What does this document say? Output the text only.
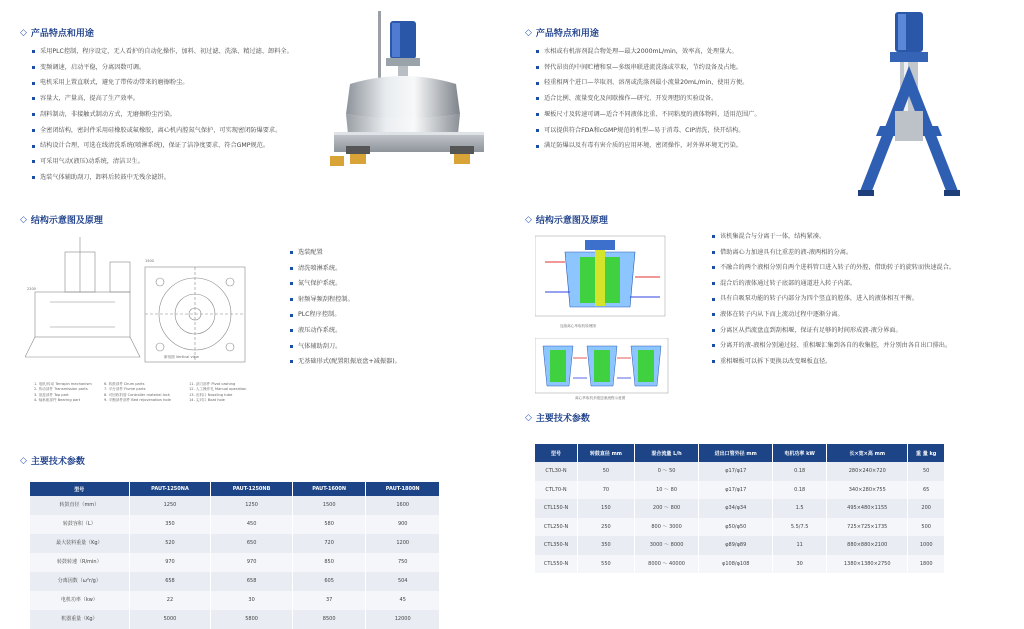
◇ 产品特点和用途
采用PLC控制，程序设定，无人看护的自动化操作，加料、初过滤、洗涤、精过滤、卸料全。
变频调速，启动平稳，分离因数可调。
电机采用上置直联式，避免了带传动带来的磨擦粉尘。
容量大，产量高，提高了生产效率。
刮料制动，非接触式制动方式，无磨擦粉尘污染。
全密闭结构，密封件采用硅橡胶或氟橡胶，离心机内腔氮气保护，可实现密闭防爆要求。
结构设计合理，可选在线清洗系统(喷淋系统)，保证了洁净度要求，符合GMP规范。
可采用气动(液压)动系统，清洁卫生。
选装气体辅助刮刀，卸料后转鼓中无残余滤饼。
◇ 结构示意图及原理
1500
2200
俯视图 Vertical view
1. 电机/传动 Terrapin mechanism	6. 转鼓部件 Drum parts	11. 刮刀部件 Pivot cashing
2. 传动部件 Transmission parts	7. 平台部件 Flume parts	12. 人工操作孔 Manual operation
3. 顶盖部件 Top part	8. 可回收料管 Controller material lock	13. 出料口 Nozzling tube
4. 轴承座部件 Bearing part	9. 平衡部件部件 Bed rejuvenation hole	14. 尖对口 Boat hole
选装配置
清洗喷淋系统。
氮气保护系统。
射频导频刮程控制。
PLC程序控制。
液压动作系统。
气体辅助刮刀。
无基础形式(配置阻振底盘+减振器)。
◇ 主要技术参数
型号	PAUT-1250NA	PAUT-1250NB	PAUT-1600N	PAUT-1800N
转鼓直径（mm）	1250	1250	1500	1600
转鼓容积（L）	350	450	580	900
最大装料重量（Kg）	520	650	720	1200
转鼓转速（R/min）	970	970	850	750
分离因数（ω²r/g）	658	658	605	504
电机功率（kw）	22	30	37	45
机器重量（Kg）	5000	5800	8500	12000
◇ 产品特点和用途
水相或有机溶剂混合物处理—最大2000mL/min，效率高，处理量大。
替代昂贵的中间贮槽和泵—多级串联进流洗涤或萃取，节约设备及占地。
轻重相两个进口—萃取剂、溶剂或洗涤剂最小流量20mL/min，使用方便。
适合比例、流量变化及间歇操作—研究、开发理想的实验设备。
堰板尺寸及转速可调—适合不同液体比重、不同粘度的液体物料，适用范围广。
可以提供符合FDA和cGMP规范的机型—易于消毒、CIP清洗，快开结构。
满足防爆以及有毒有害介质的应用环境，密闭操作，对外界环境无污染。
◇ 结构示意图及原理
连续离心萃取机原理图
离心萃取机多级逆流流程示意图
该机集混合与分离于一体，结构紧凑。
借助离心力加速具有比重差的液-液两相的分离。
不融合的两个液相分别自两个进料管口进入转子的外腔，借助转子的旋转而快速混合。
混合后的液体通过转子底部的通道进入转子内部。
具有自吸泵功能的转子内部分为四个竖直的腔体，进入的液体相互平衡。
液体在转子内从下而上流动过程中逐渐分离。
分离区从挡流盘直到刮相堰，保证有足够的时间形成液-液分界面。
分离开的液-液相分别通过轻、重相堰汇集到各自的收集腔，并分别由各自出口排出。
重相堰板可以拆下更换以改变堰板直径。
◇ 主要技术参数
型号	转鼓直径 mm	混合流量 L/h	进出口管外径 mm	电机功率 kW	长×宽×高 mm	重 量 kg
CTL30-N	50	0 ～ 50	φ17/φ17	0.18	280×240×720	50
CTL70-N	70	10 ～ 80	φ17/φ17	0.18	340×280×755	65
CTL150-N	150	200 ～ 800	φ34/φ34	1.5	495×480×1155	200
CTL250-N	250	800 ～ 3000	φ50/φ50	5.5/7.5	725×725×1735	500
CTL350-N	350	3000 ～ 8000	φ89/φ89	11	880×880×2100	1000
CTL550-N	550	8000 ～ 40000	φ108/φ108	30	1380×1380×2750	1800
